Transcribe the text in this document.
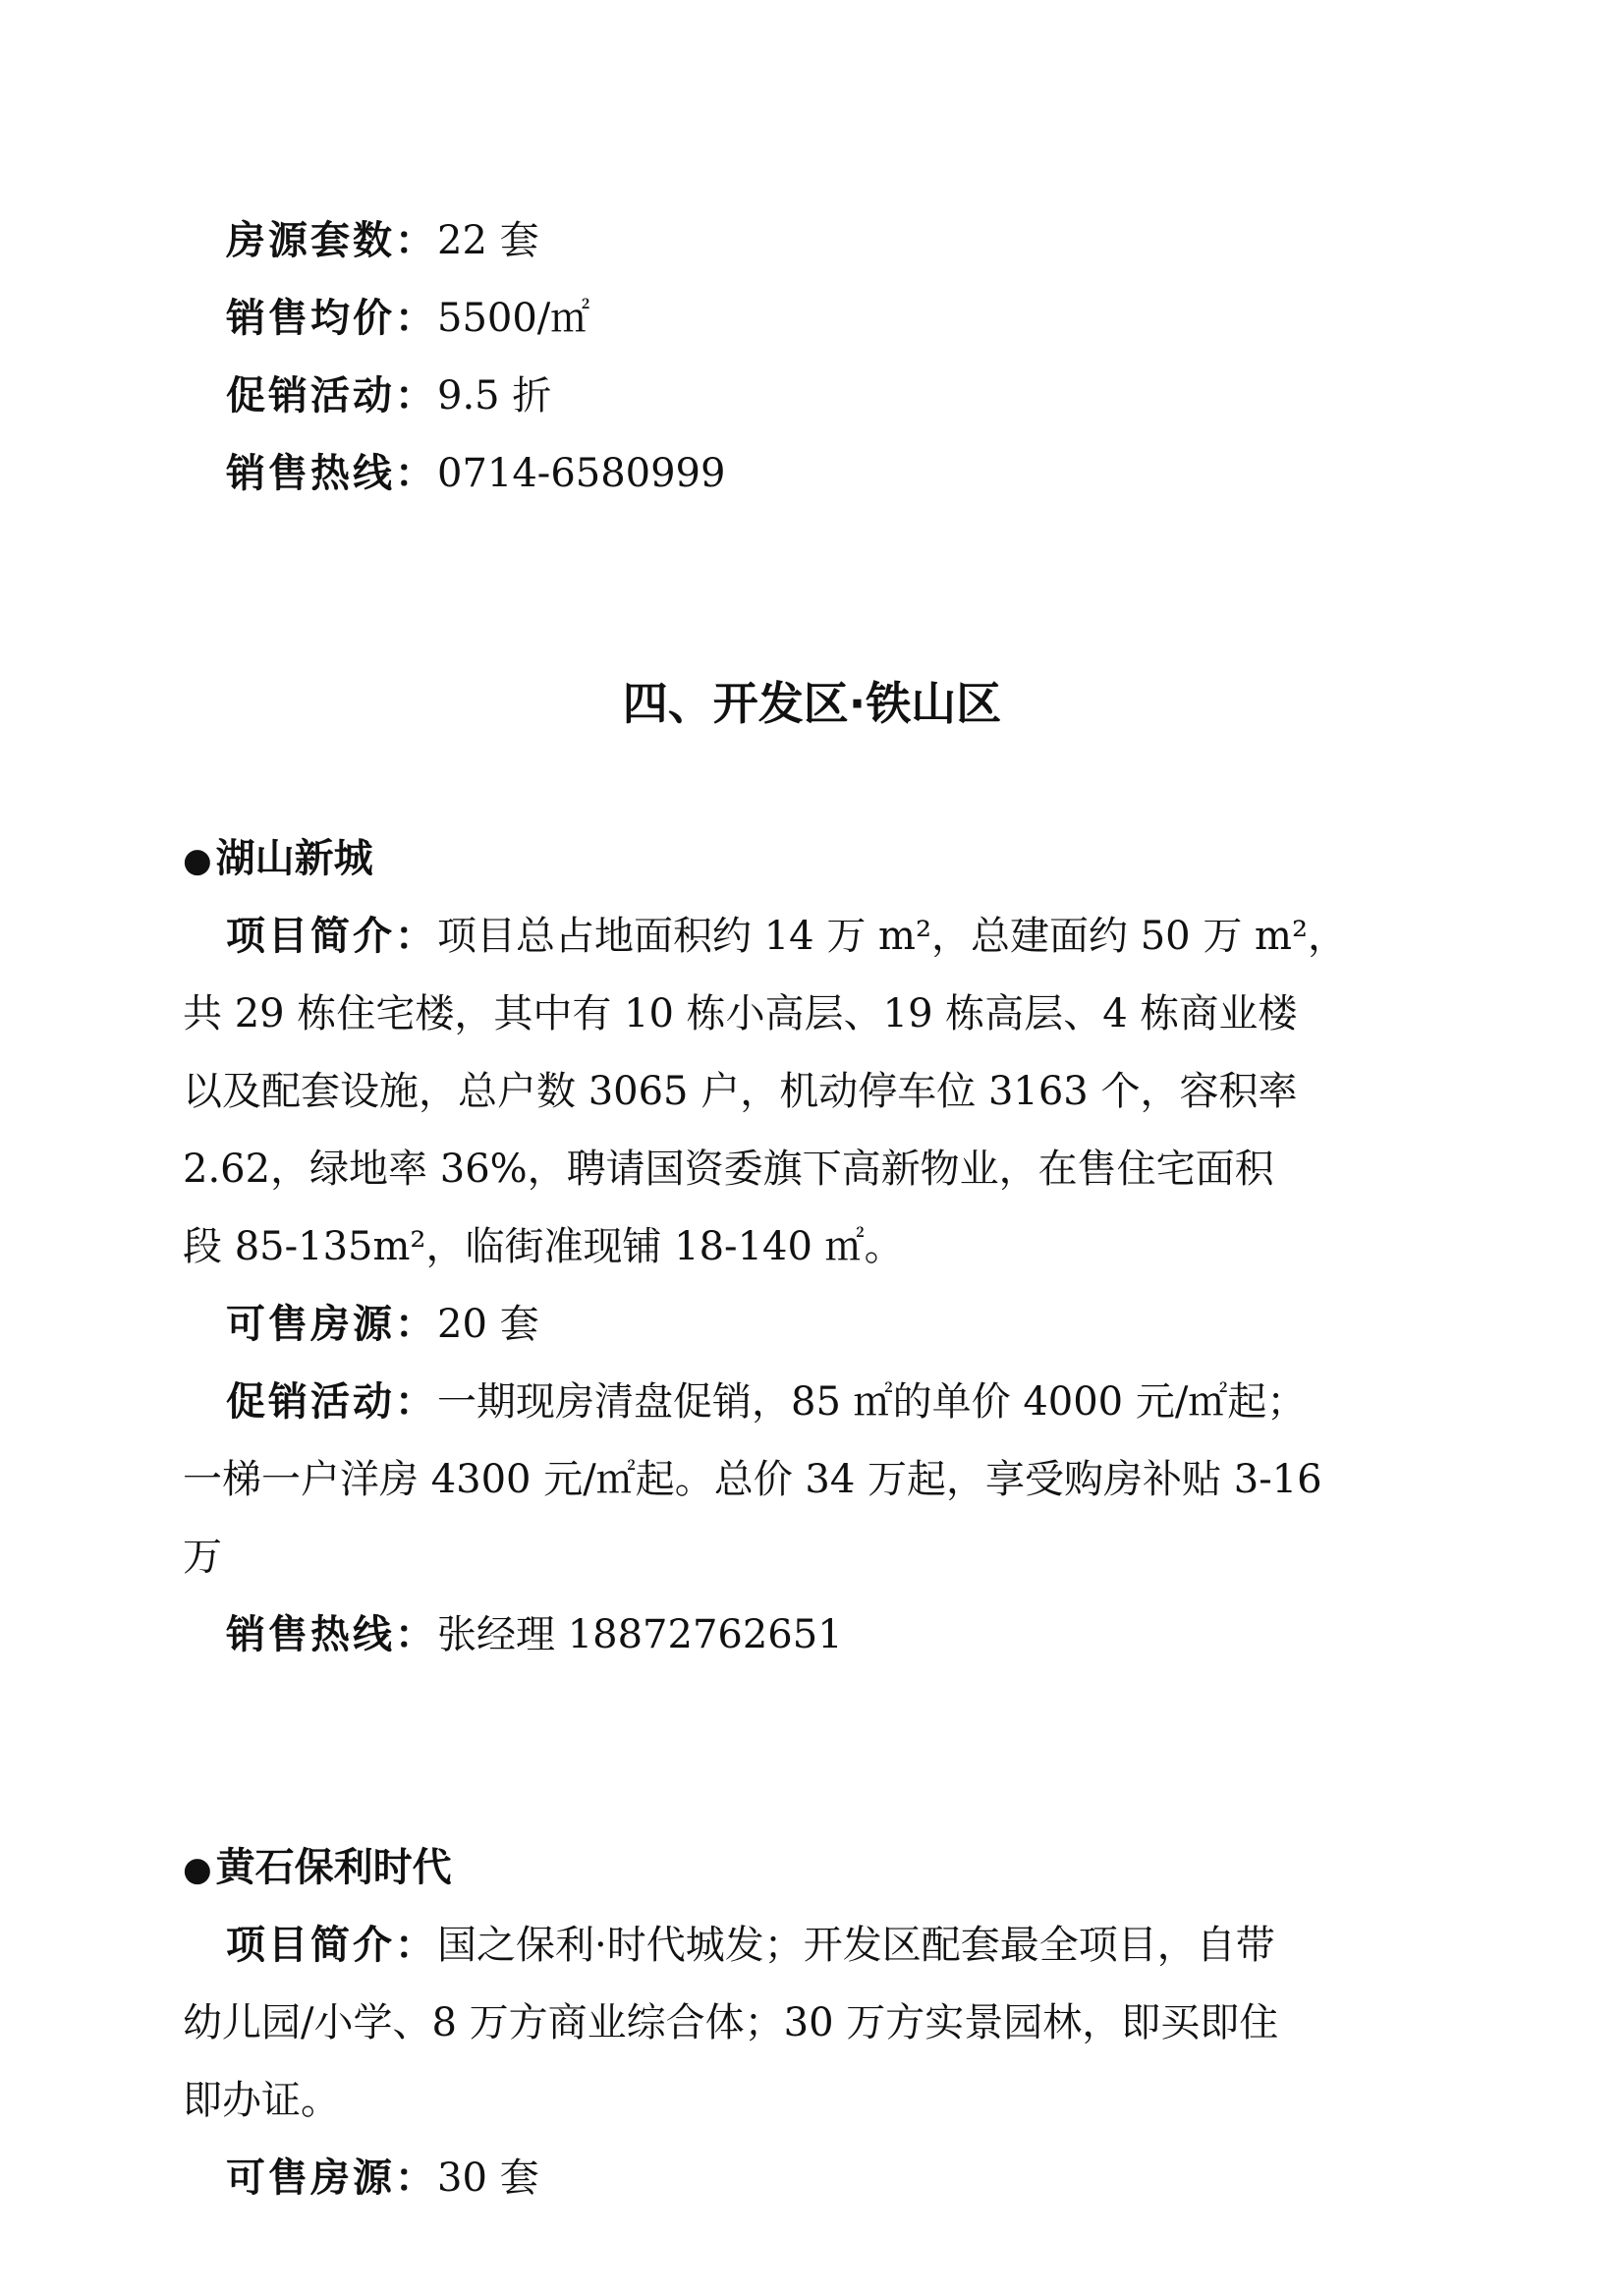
房源套数：22 套
销售均价：5500/㎡
促销活动：9.5 折
销售热线：0714-6580999
四、开发区·铁山区
● 湖山新城
项目简介：项目总占地面积约 14 万 m²，总建面约 50 万 m²，
共 29 栋住宅楼，其中有 10 栋小高层、19 栋高层、4 栋商业楼
以及配套设施，总户数 3065 户，机动停车位 3163 个，容积率
2.62，绿地率 36%，聘请国资委旗下高新物业，在售住宅面积
段 85-135m²，临街准现铺 18-140 ㎡。
可售房源：20 套
促销活动：一期现房清盘促销，85 ㎡的单价 4000 元/㎡起；
一梯一户洋房 4300 元/㎡起。总价 34 万起，享受购房补贴 3-16
万
销售热线：张经理 18872762651
● 黄石保利时代
项目简介：国之保利·时代城发；开发区配套最全项目，自带
幼儿园/小学、8 万方商业综合体；30 万方实景园林，即买即住
即办证。
可售房源：30 套
